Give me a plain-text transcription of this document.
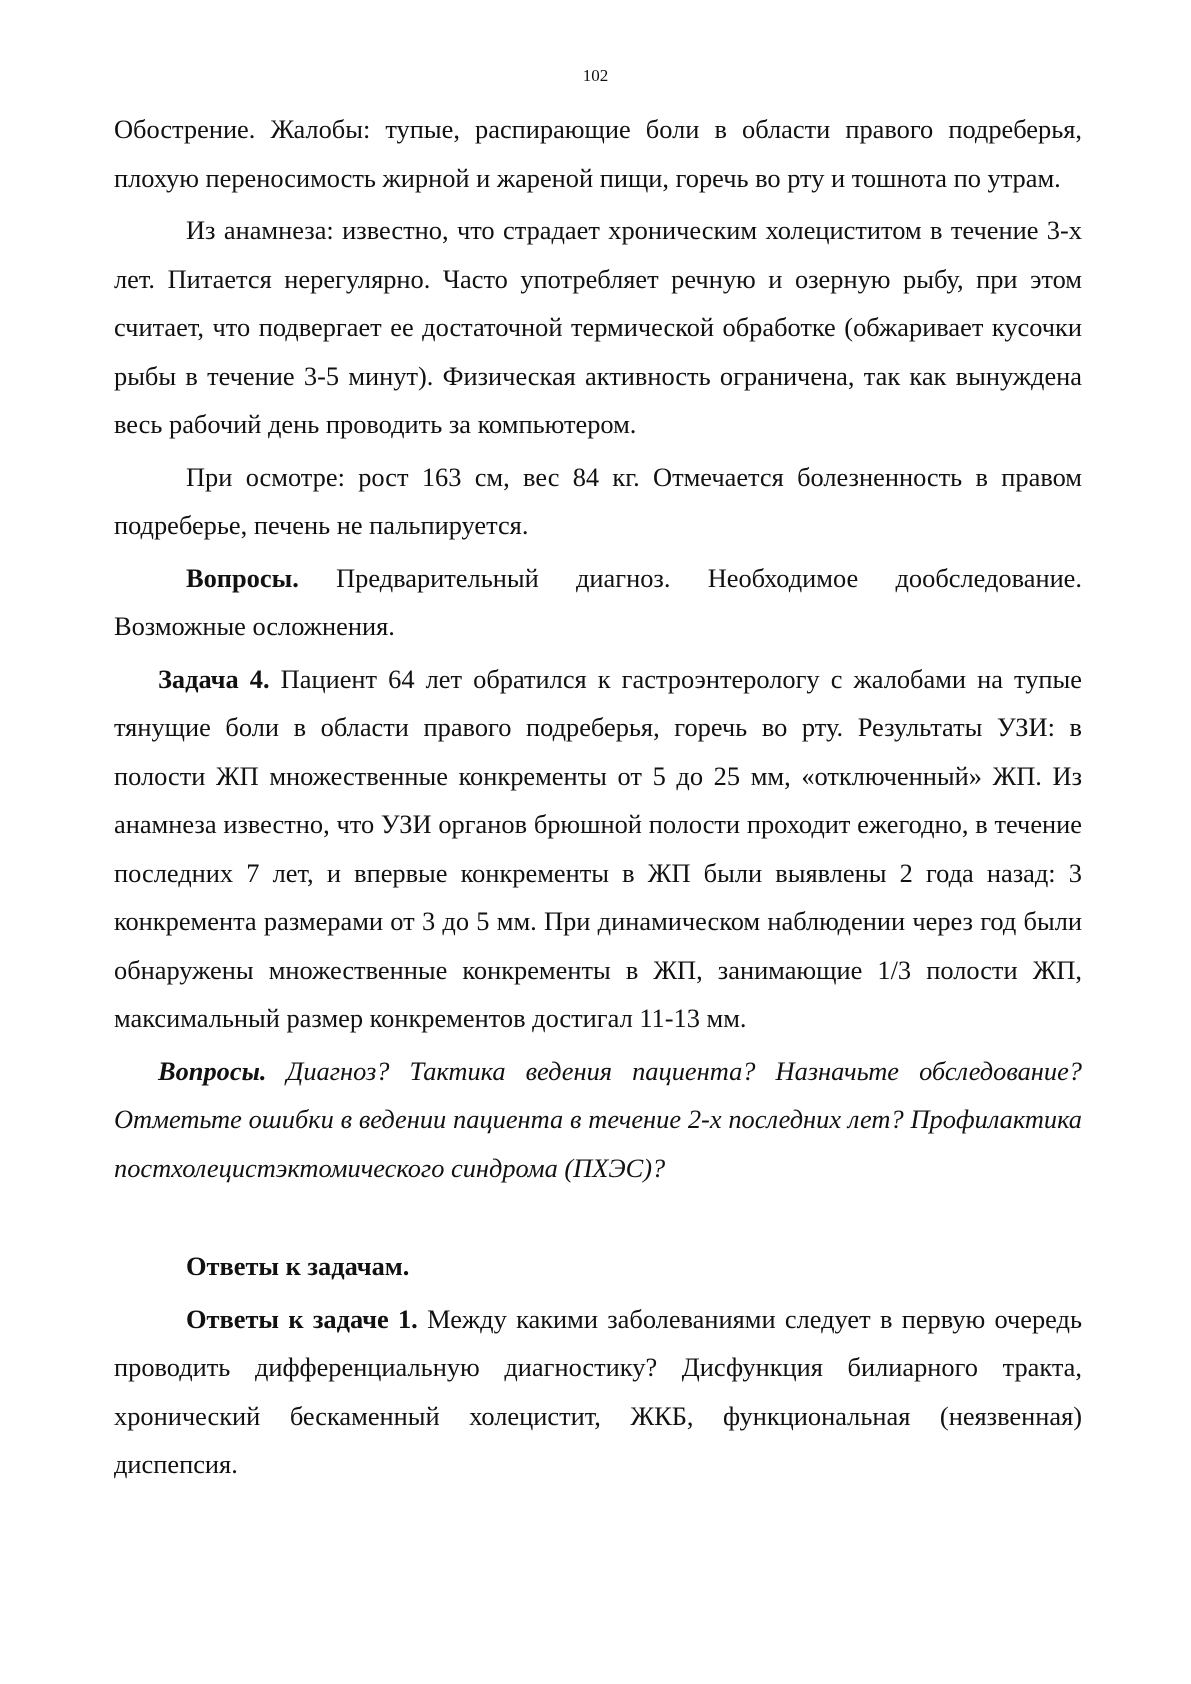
102

Обострение. Жалобы: тупые, распирающие боли в области правого подреберья, плохую переносимость жирной и жареной пищи, горечь во рту и тошнота по утрам.

Из анамнеза: известно, что страдает хроническим холециститом в течение 3-х лет. Питается нерегулярно. Часто употребляет речную и озерную рыбу, при этом считает, что подвергает ее достаточной термической обработке (обжаривает кусочки рыбы в течение 3-5 минут). Физическая активность ограничена, так как вынуждена весь рабочий день проводить за компьютером.

При осмотре: рост 163 см, вес 84 кг. Отмечается болезненность в правом подреберье, печень не пальпируется.

Вопросы. Предварительный диагноз. Необходимое дообследование. Возможные осложнения.

Задача 4. Пациент 64 лет обратился к гастроэнтерологу с жалобами на тупые тянущие боли в области правого подреберья, горечь во рту. Результаты УЗИ: в полости ЖП множественные конкременты от 5 до 25 мм, «отключенный» ЖП. Из анамнеза известно, что УЗИ органов брюшной полости проходит ежегодно, в течение последних 7 лет, и впервые конкременты в ЖП были выявлены 2 года назад: 3 конкремента размерами от 3 до 5 мм. При динамическом наблюдении через год были обнаружены множественные конкременты в ЖП, занимающие 1/3 полости ЖП, максимальный размер конкрементов достигал 11-13 мм.

Вопросы. Диагноз? Тактика ведения пациента? Назначьте обследование? Отметьте ошибки в ведении пациента в течение 2-х последних лет? Профилактика постхолецистэктомического синдрома (ПХЭС)?

Ответы к задачам.

Ответы к задаче 1. Между какими заболеваниями следует в первую очередь проводить дифференциальную диагностику? Дисфункция билиарного тракта, хронический бескаменный холецистит, ЖКБ, функциональная (неязвенная) диспепсия.
